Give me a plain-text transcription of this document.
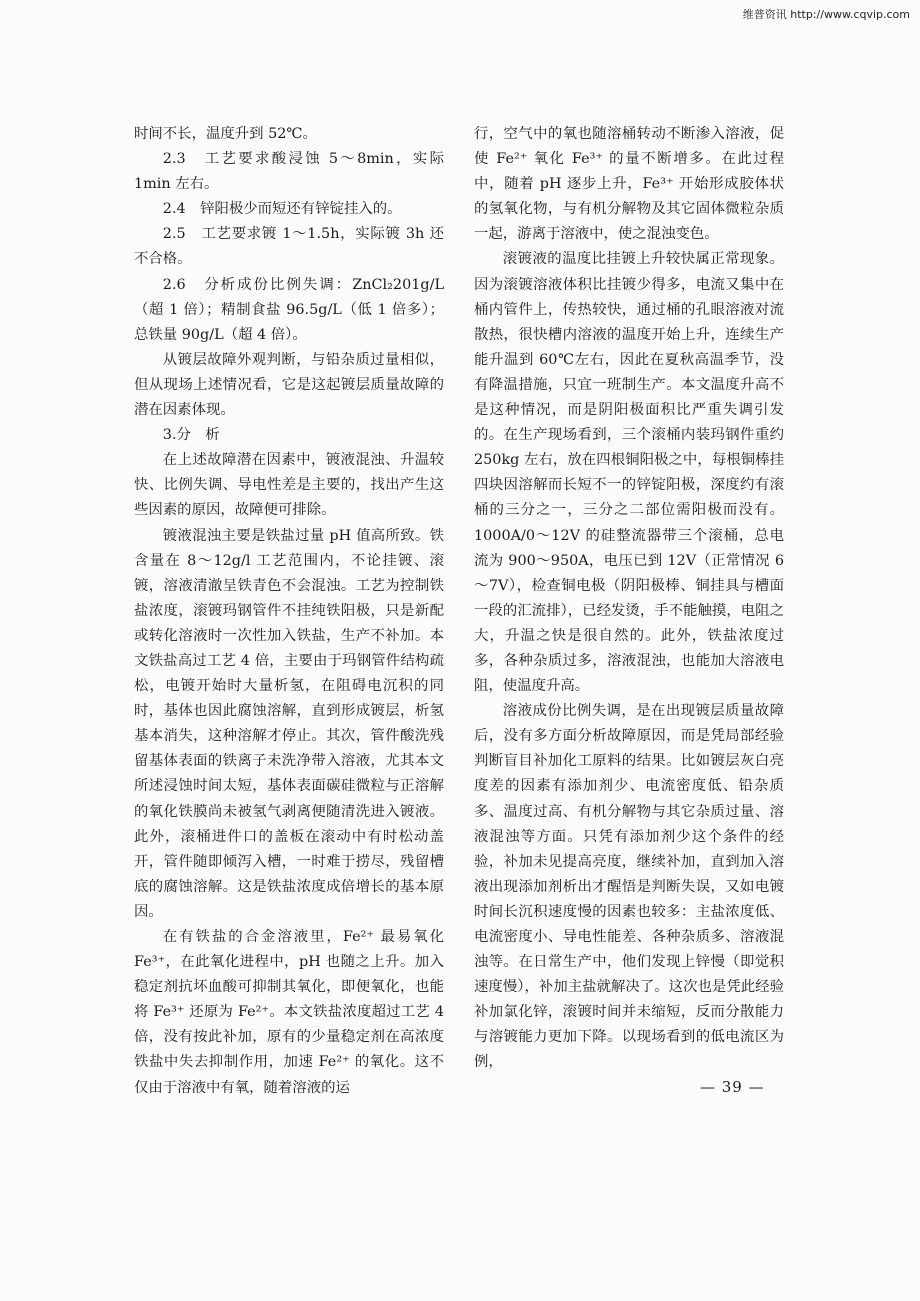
维普资讯 http://www.cqvip.com

时间不长，温度升到 52℃。

2.3　工艺要求酸浸蚀 5～8min，实际 1min 左右。

2.4　锌阳极少而短还有锌锭挂入的。

2.5　工艺要求镀 1～1.5h，实际镀 3h 还不合格。

2.6　分析成份比例失调：ZnCl₂201g/L（超 1 倍）；精制食盐 96.5g/L（低 1 倍多）；总铁量 90g/L（超 4 倍）。

从镀层故障外观判断，与铅杂质过量相似，但从现场上述情况看，它是这起镀层质量故障的潜在因素体现。

3.分　析

在上述故障潜在因素中，镀液混浊、升温较快、比例失调、导电性差是主要的，找出产生这些因素的原因，故障便可排除。

镀液混浊主要是铁盐过量 pH 值高所致。铁含量在 8～12g/l 工艺范围内，不论挂镀、滚镀，溶液清澈呈铁青色不会混浊。工艺为控制铁盐浓度，滚镀玛钢管件不挂纯铁阳极，只是新配或转化溶液时一次性加入铁盐，生产不补加。本文铁盐高过工艺 4 倍，主要由于玛钢管件结构疏松，电镀开始时大量析氢，在阻碍电沉积的同时，基体也因此腐蚀溶解，直到形成镀层，析氢基本消失，这种溶解才停止。其次，管件酸洗残留基体表面的铁离子未洗净带入溶液，尤其本文所述浸蚀时间太短，基体表面碳硅微粒与正溶解的氧化铁膜尚未被氢气剥离便随清洗进入镀液。此外，滚桶进件口的盖板在滚动中有时松动盖开，管件随即倾泻入槽，一时难于捞尽，残留槽底的腐蚀溶解。这是铁盐浓度成倍增长的基本原因。

在有铁盐的合金溶液里，Fe²⁺ 最易氧化 Fe³⁺，在此氧化进程中，pH 也随之上升。加入稳定剂抗坏血酸可抑制其氧化，即便氧化，也能将 Fe³⁺ 还原为 Fe²⁺。本文铁盐浓度超过工艺 4 倍，没有按此补加，原有的少量稳定剂在高浓度铁盐中失去抑制作用，加速 Fe²⁺ 的氧化。这不仅由于溶液中有氧，随着溶液的运

行，空气中的氧也随溶桶转动不断渗入溶液，促使 Fe²⁺ 氧化 Fe³⁺ 的量不断增多。在此过程中，随着 pH 逐步上升，Fe³⁺ 开始形成胶体状的氢氧化物，与有机分解物及其它固体微粒杂质一起，游离于溶液中，使之混浊变色。

滚镀液的温度比挂镀上升较快属正常现象。因为滚镀溶液体积比挂镀少得多，电流又集中在桶内管件上，传热较快，通过桶的孔眼溶液对流散热，很快槽内溶液的温度开始上升，连续生产能升温到 60℃左右，因此在夏秋高温季节，没有降温措施，只宜一班制生产。本文温度升高不是这种情况，而是阴阳极面积比严重失调引发的。在生产现场看到，三个滚桶内装玛钢件重约 250kg 左右，放在四根铜阳极之中，每根铜棒挂四块因溶解而长短不一的锌锭阳极，深度约有滚桶的三分之一，三分之二部位需阳极而没有。1000A/0～12V 的硅整流器带三个滚桶，总电流为 900～950A，电压已到 12V（正常情况 6～7V），检查铜电极（阴阳极棒、铜挂具与槽面一段的汇流排），已经发烫，手不能触摸，电阻之大，升温之快是很自然的。此外，铁盐浓度过多，各种杂质过多，溶液混浊，也能加大溶液电阻，使温度升高。

溶液成份比例失调，是在出现镀层质量故障后，没有多方面分析故障原因，而是凭局部经验判断盲目补加化工原料的结果。比如镀层灰白亮度差的因素有添加剂少、电流密度低、铅杂质多、温度过高、有机分解物与其它杂质过量、溶液混浊等方面。只凭有添加剂少这个条件的经验，补加未见提高亮度，继续补加，直到加入溶液出现添加剂析出才醒悟是判断失误，又如电镀时间长沉积速度慢的因素也较多：主盐浓度低、电流密度小、导电性能差、各种杂质多、溶液混浊等。在日常生产中，他们发现上锌慢（即觉积速度慢），补加主盐就解决了。这次也是凭此经验补加氯化锌，滚镀时间并未缩短，反而分散能力与溶镀能力更加下降。以现场看到的低电流区为例，

— 39 —
